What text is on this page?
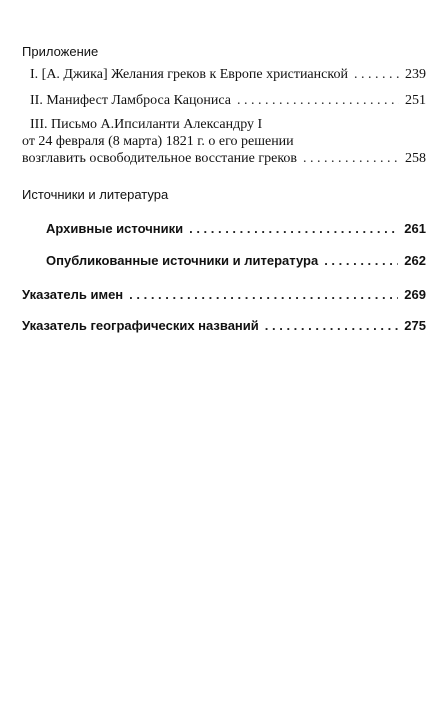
Приложение
I. [А. Джика] Желания греков к Европе христианской . . .	239
II. Манифест Ламброса Кацониса . . .	251
III. Письмо А.Ипсиланти Александру I
от 24 февраля (8 марта) 1821 г. о его решении
возглавить освободительное восстание греков . . .	258
Источники и литература
Архивные источники . . .	261
Опубликованные источники и литература . . .	262
Указатель имен . . .	269
Указатель географических названий . . .	275
